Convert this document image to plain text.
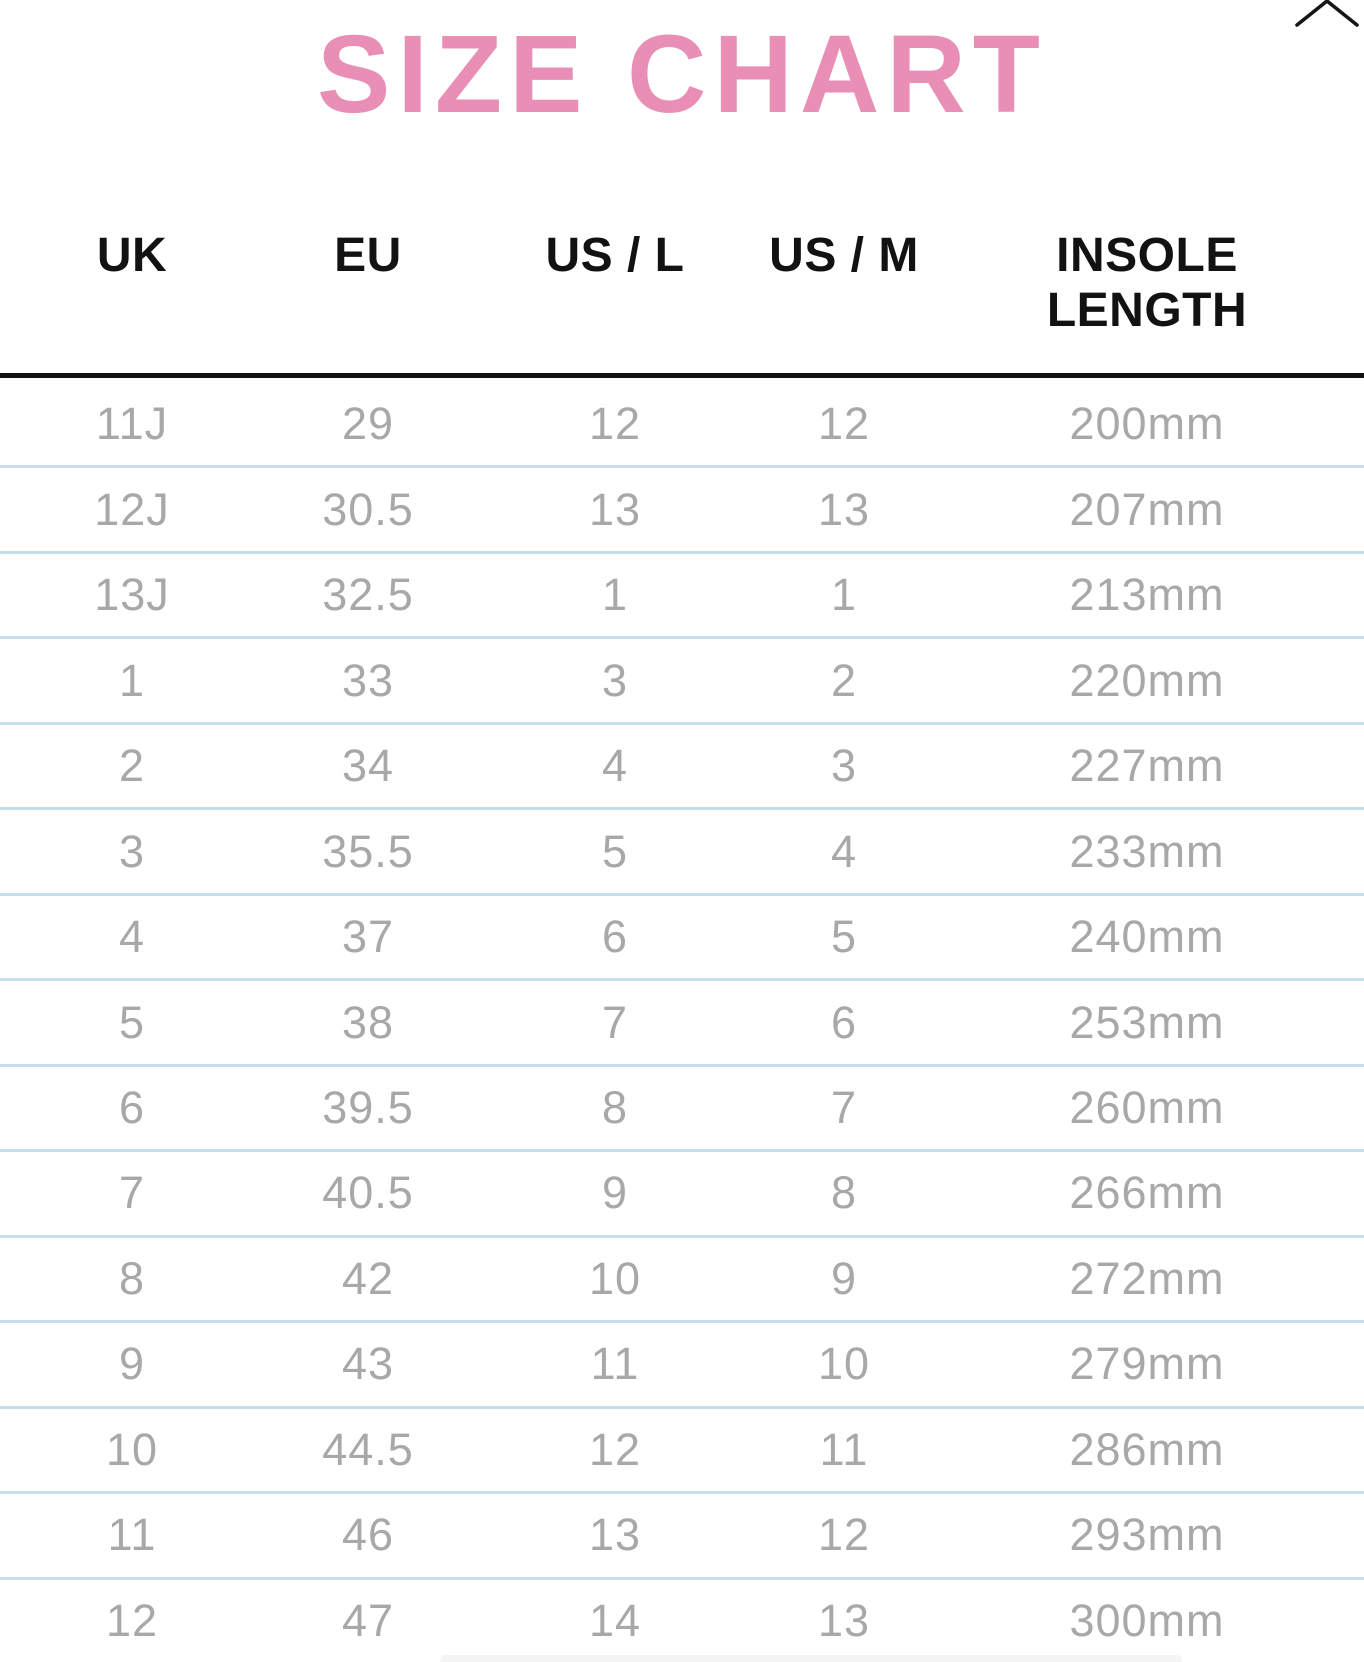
SIZE CHART
UK	EU	US / L	US / M	INSOLE LENGTH
11J	29	12	12	200mm
12J	30.5	13	13	207mm
13J	32.5	1	1	213mm
1	33	3	2	220mm
2	34	4	3	227mm
3	35.5	5	4	233mm
4	37	6	5	240mm
5	38	7	6	253mm
6	39.5	8	7	260mm
7	40.5	9	8	266mm
8	42	10	9	272mm
9	43	11	10	279mm
10	44.5	12	11	286mm
11	46	13	12	293mm
12	47	14	13	300mm
